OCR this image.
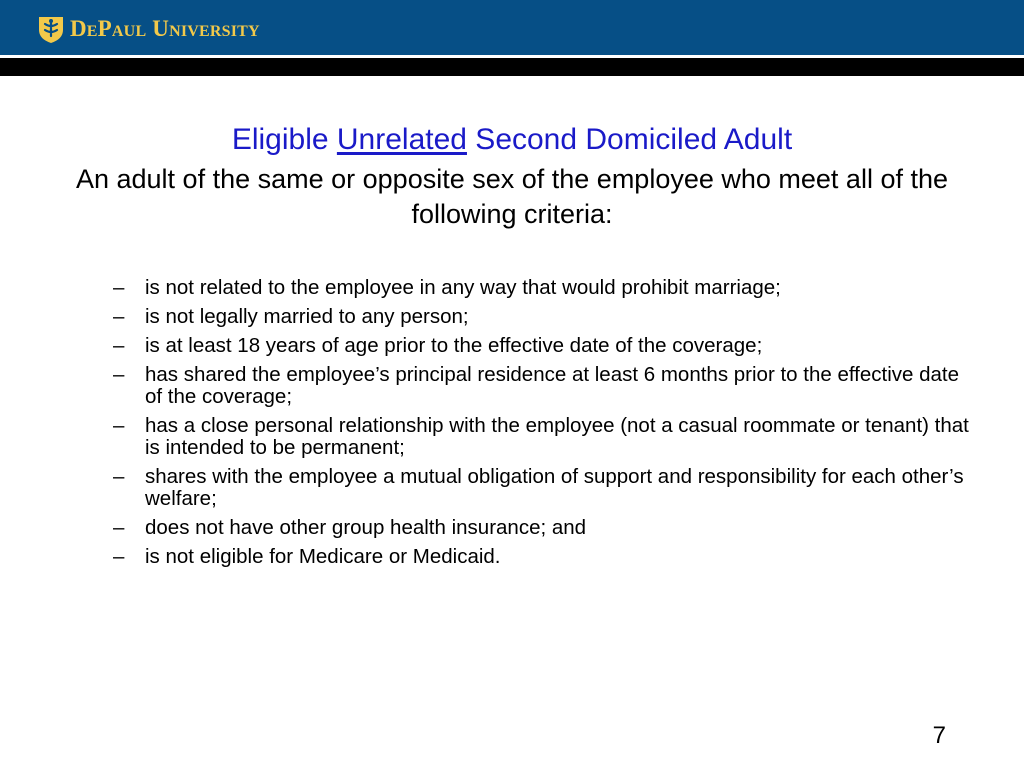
DePaul University
Eligible Unrelated Second Domiciled Adult
An adult of the same or opposite sex of the employee who meet all of the following criteria:
– is not related to the employee in any way that would prohibit marriage;
– is not legally married to any person;
– is at least 18 years of age prior to the effective date of the coverage;
– has shared the employee’s principal residence at least 6 months prior to the effective date of the coverage;
– has a close personal relationship with the employee (not a casual roommate or tenant) that is intended to be permanent;
– shares with the employee a mutual obligation of support and responsibility for each other’s welfare;
– does not have other group health insurance; and
– is not eligible for Medicare or Medicaid.
7
